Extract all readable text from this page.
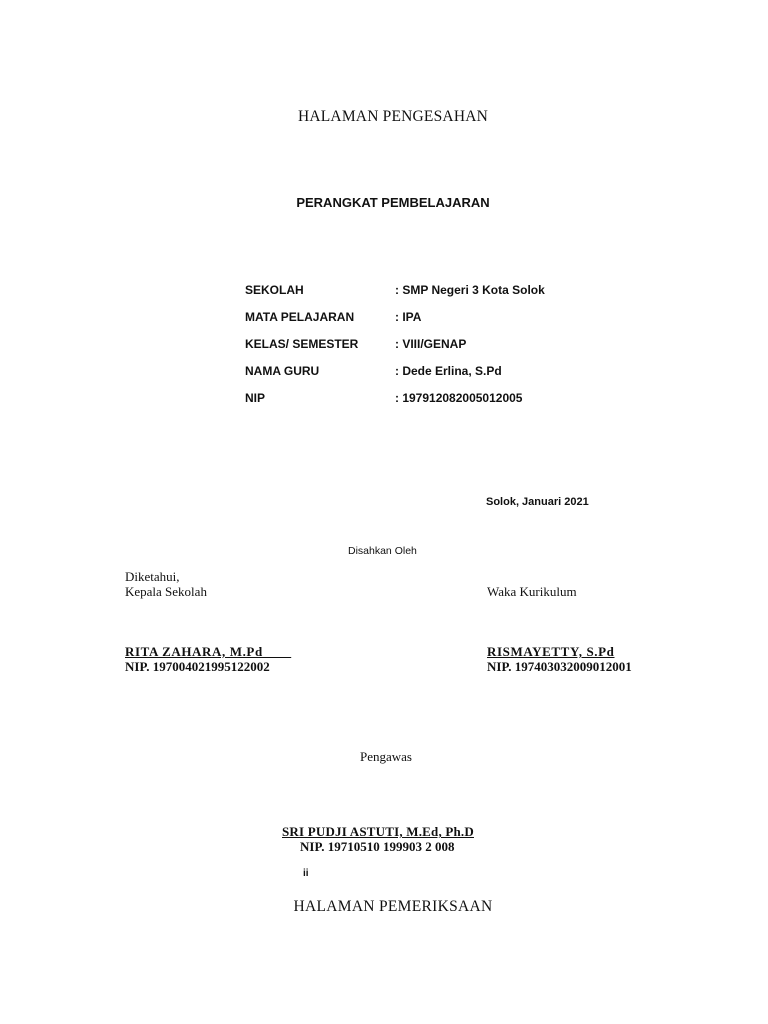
HALAMAN PENGESAHAN
PERANGKAT PEMBELAJARAN
SEKOLAH	: SMP Negeri 3 Kota Solok
MATA PELAJARAN	: IPA
KELAS/ SEMESTER	: VIII/GENAP
NAMA GURU	: Dede Erlina, S.Pd
NIP	: 197912082005012005
Solok, Januari 2021
Disahkan Oleh
Diketahui,
Kepala Sekolah
RITA ZAHARA, M.Pd____
NIP. 197004021995122002
Waka Kurikulum
RISMAYETTY, S.Pd
NIP. 197403032009012001
Pengawas
SRI PUDJI ASTUTI, M.Ed, Ph.D
NIP. 19710510 199903 2 008
ii
HALAMAN PEMERIKSAAN
